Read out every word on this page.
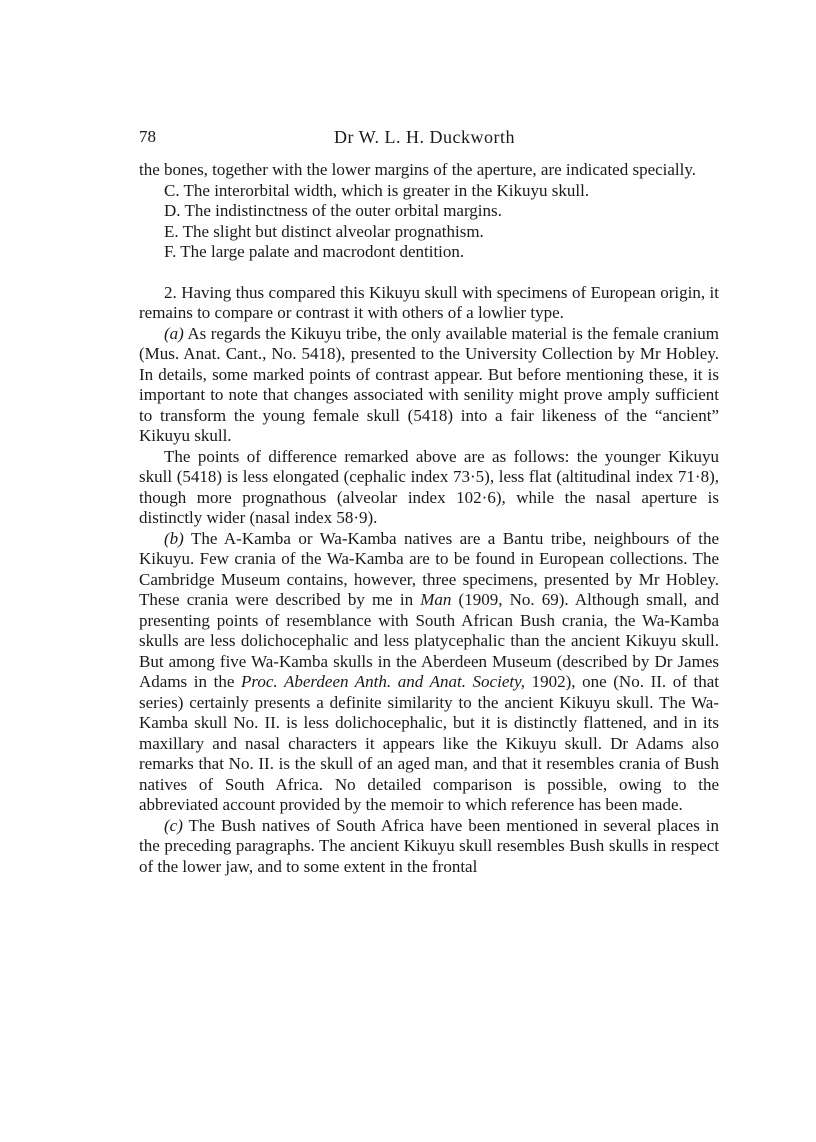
78	Dr W. L. H. Duckworth

the bones, together with the lower margins of the aperture, are indicated specially.

C. The interorbital width, which is greater in the Kikuyu skull.
D. The indistinctness of the outer orbital margins.
E. The slight but distinct alveolar prognathism.
F. The large palate and macrodont dentition.

2. Having thus compared this Kikuyu skull with specimens of European origin, it remains to compare or contrast it with others of a lowlier type.

(a) As regards the Kikuyu tribe, the only available material is the female cranium (Mus. Anat. Cant., No. 5418), presented to the University Collection by Mr Hobley. In details, some marked points of contrast appear. But before mentioning these, it is important to note that changes associated with senility might prove amply sufficient to transform the young female skull (5418) into a fair likeness of the “ancient” Kikuyu skull.

The points of difference remarked above are as follows: the younger Kikuyu skull (5418) is less elongated (cephalic index 73·5), less flat (altitudinal index 71·8), though more prognathous (alveolar index 102·6), while the nasal aperture is distinctly wider (nasal index 58·9).

(b) The A-Kamba or Wa-Kamba natives are a Bantu tribe, neighbours of the Kikuyu. Few crania of the Wa-Kamba are to be found in European collections. The Cambridge Museum contains, however, three specimens, presented by Mr Hobley. These crania were described by me in Man (1909, No. 69). Although small, and presenting points of resemblance with South African Bush crania, the Wa-Kamba skulls are less dolichocephalic and less platycephalic than the ancient Kikuyu skull. But among five Wa-Kamba skulls in the Aberdeen Museum (described by Dr James Adams in the Proc. Aberdeen Anth. and Anat. Society, 1902), one (No. II. of that series) certainly presents a definite similarity to the ancient Kikuyu skull. The Wa-Kamba skull No. II. is less dolichocephalic, but it is distinctly flattened, and in its maxillary and nasal characters it appears like the Kikuyu skull. Dr Adams also remarks that No. II. is the skull of an aged man, and that it resembles crania of Bush natives of South Africa. No detailed comparison is possible, owing to the abbreviated account provided by the memoir to which reference has been made.

(c) The Bush natives of South Africa have been mentioned in several places in the preceding paragraphs. The ancient Kikuyu skull resembles Bush skulls in respect of the lower jaw, and to some extent in the frontal
